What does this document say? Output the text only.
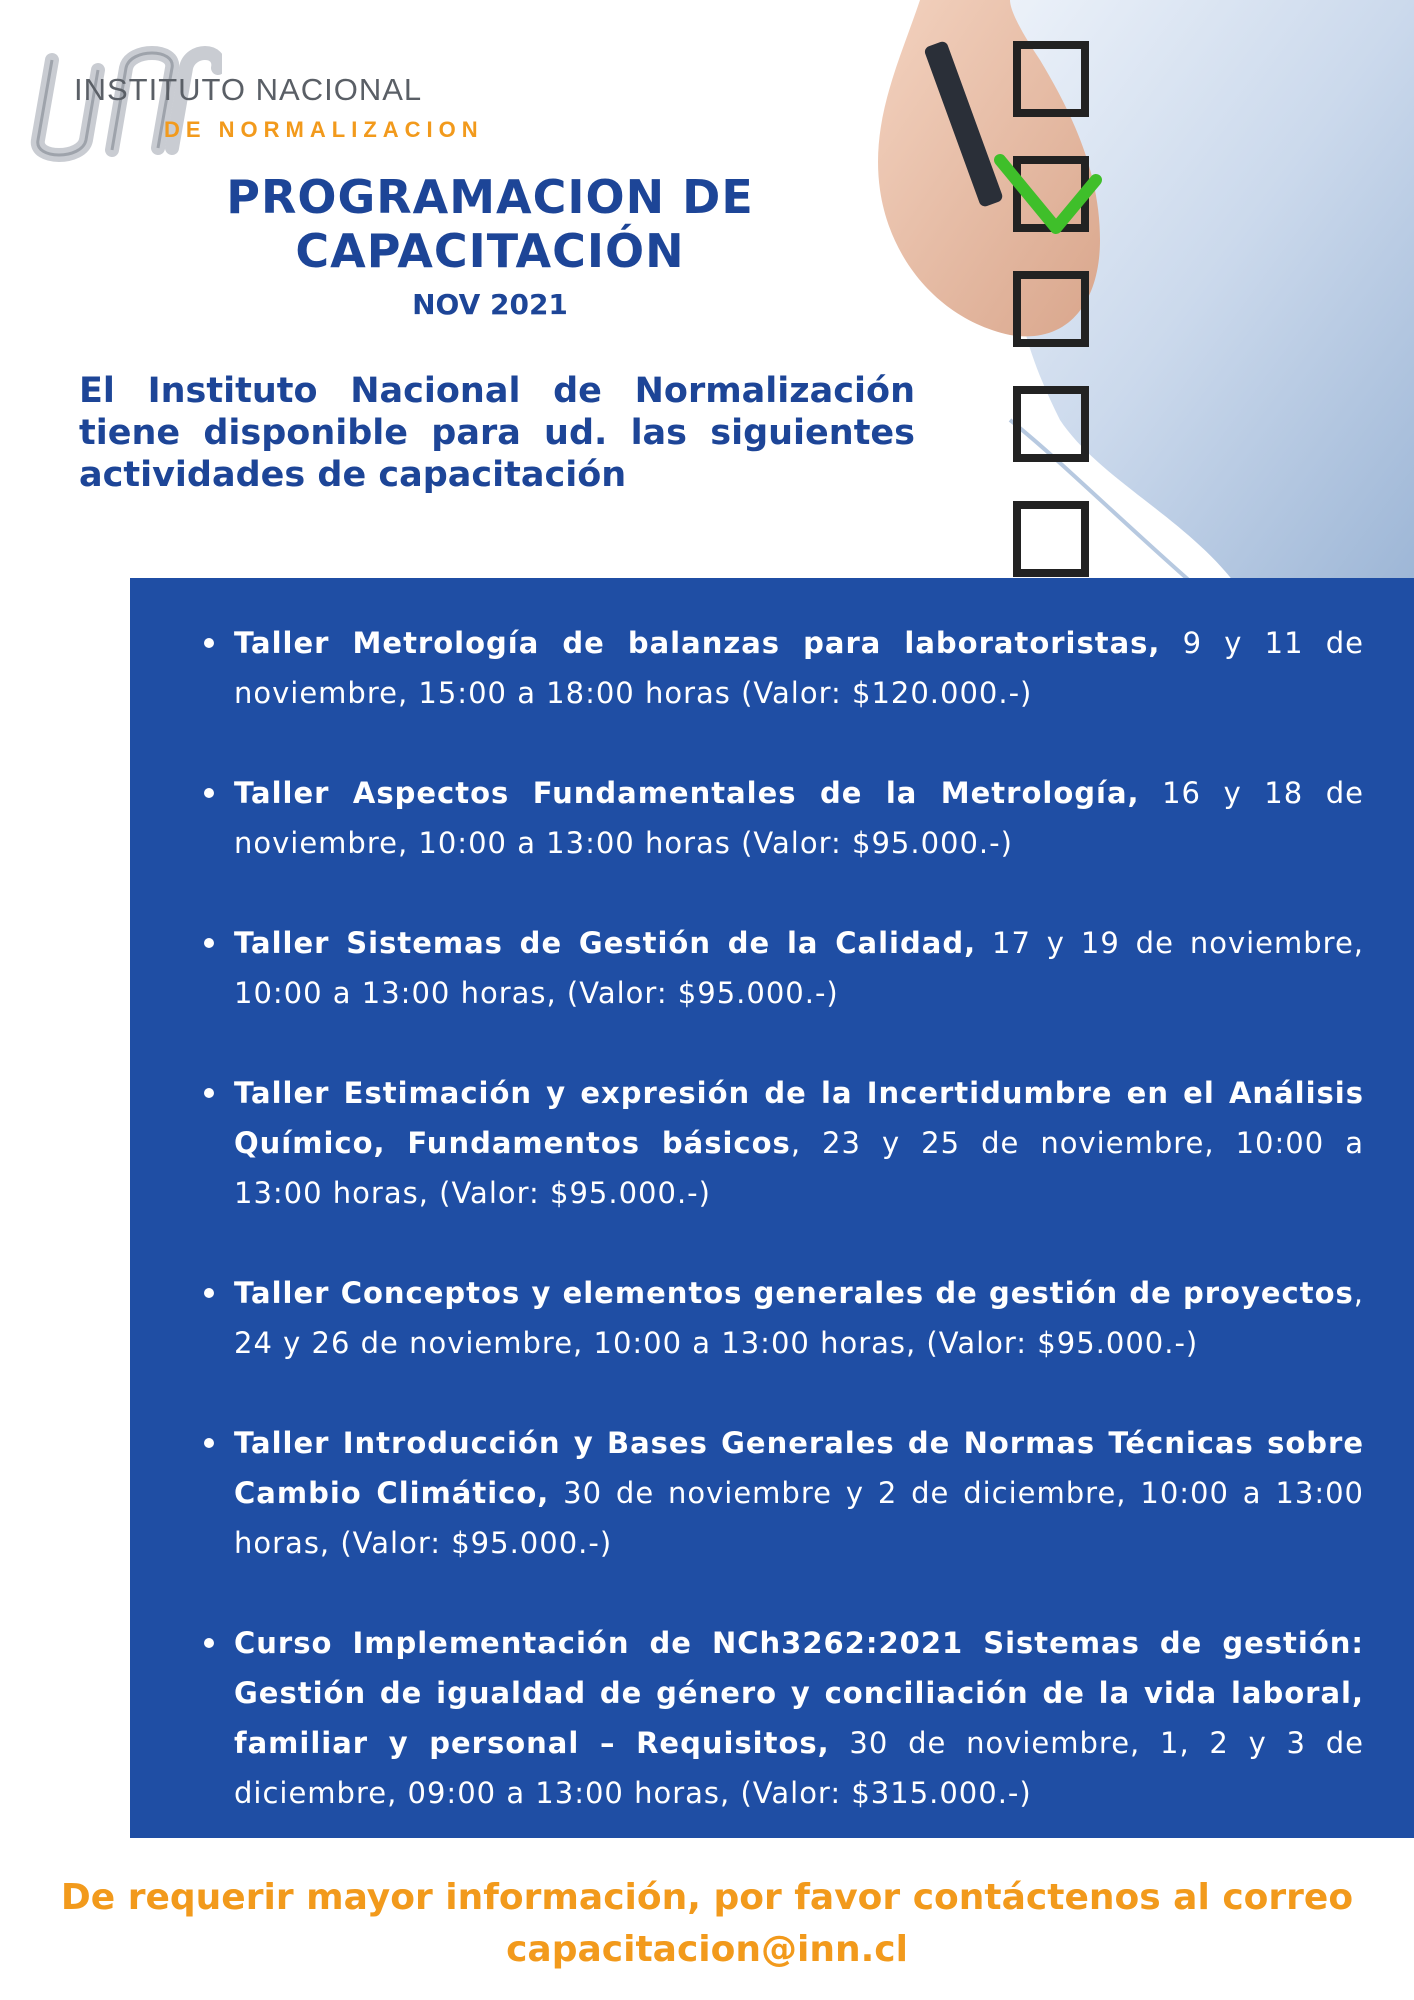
INSTITUTO NACIONAL
DE NORMALIZACION
PROGRAMACION DE
CAPACITACIÓN
NOV 2021
El Instituto Nacional de Normalización tiene disponible para ud. las siguientes actividades de capacitación
Taller Metrología de balanzas para laboratoristas, 9 y 11 de noviembre, 15:00 a 18:00 horas (Valor: $120.000.-)
Taller Aspectos Fundamentales de la Metrología, 16 y 18 de noviembre, 10:00 a 13:00 horas (Valor: $95.000.-)
Taller Sistemas de Gestión de la Calidad, 17 y 19 de noviembre, 10:00 a 13:00 horas, (Valor: $95.000.-)
Taller Estimación y expresión de la Incertidumbre en el Análisis Químico, Fundamentos básicos, 23 y 25 de noviembre, 10:00 a 13:00 horas, (Valor: $95.000.-)
Taller Conceptos y elementos generales de gestión de proyectos, 24 y 26 de noviembre, 10:00 a 13:00 horas, (Valor: $95.000.-)
Taller Introducción y Bases Generales de Normas Técnicas sobre Cambio Climático, 30 de noviembre y 2 de diciembre, 10:00 a 13:00 horas, (Valor: $95.000.-)
Curso Implementación de NCh3262:2021 Sistemas de gestión: Gestión de igualdad de género y conciliación de la vida laboral, familiar y personal – Requisitos, 30 de noviembre, 1, 2 y 3 de diciembre, 09:00 a 13:00 horas, (Valor: $315.000.-)
De requerir mayor información, por favor contáctenos al correo
capacitacion@inn.cl
